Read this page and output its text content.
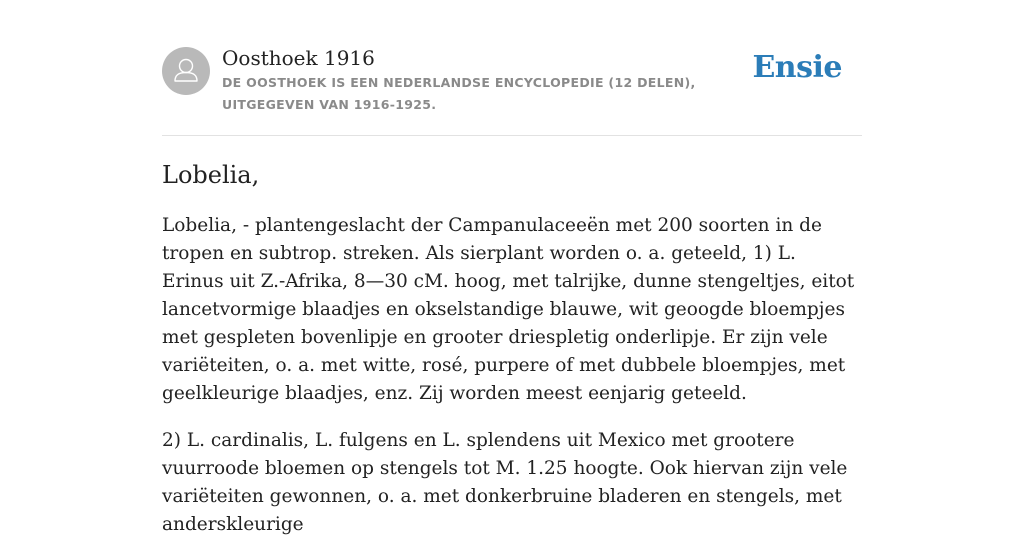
Oosthoek 1916
DE OOSTHOEK IS EEN NEDERLANDSE ENCYCLOPEDIE (12 DELEN), UITGEGEVEN VAN 1916-1925.
Ensie
Lobelia,

Lobelia, - plantengeslacht der Campanulaceeën met 200 soorten in de tropen en subtrop. streken. Als sierplant worden o. a. geteeld, 1) L. Erinus uit Z.-Afrika, 8—30 cM. hoog, met talrijke, dunne stengeltjes, eitot lancetvormige blaadjes en okselstandige blauwe, wit geoogde bloempjes met gespleten bovenlipje en grooter driespletig onderlipje. Er zijn vele variëteiten, o. a. met witte, rosé, purpere of met dubbele bloempjes, met geelkleurige blaadjes, enz. Zij worden meest eenjarig geteeld.

2) L. cardinalis, L. fulgens en L. splendens uit Mexico met grootere vuurroode bloemen op stengels tot M. 1.25 hoogte. Ook hiervan zijn vele variëteiten gewonnen, o. a. met donkerbruine bladeren en stengels, met anderskleurige
